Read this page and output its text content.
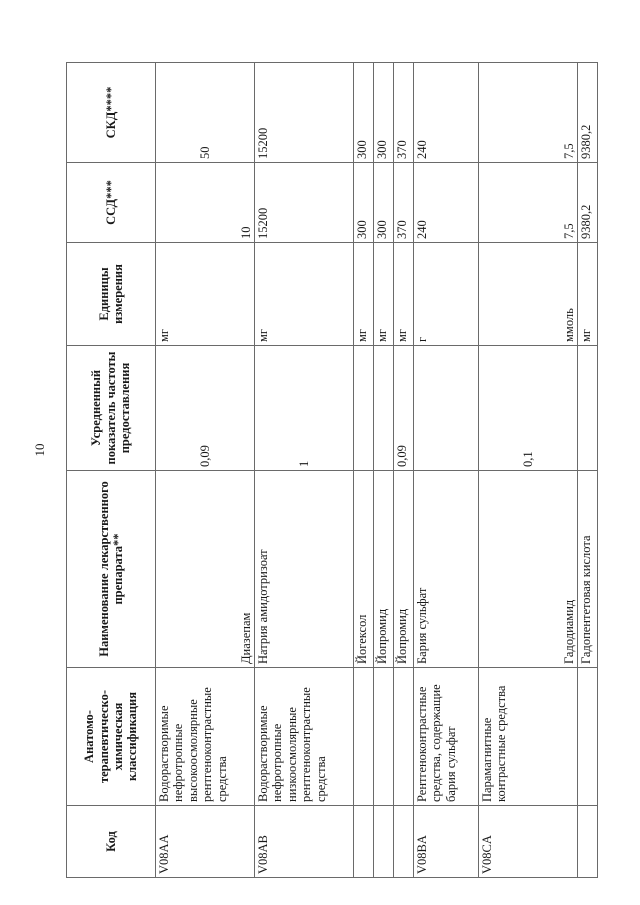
10
Код	Анатомо-терапевтическо-химическая классификация	Наименование лекарственного препарата**	Усредненный показатель частоты предоставления	Единицы измерения	ССД***	СКД****
V08AA	Водорастворимые нефротропные высокоосмолярные рентгеноконтрастные средства	Диазепам	0,09	мг	10	50
V08AB	Водорастворимые нефротропные низкоосмолярные рентгеноконтрастные средства	Натрия амидотризоат	1	мг	15200	15200
		Йогексол		мг	300	300
		Йопромид		мг	300	300
		Йопромид	0,09	мг	370	370
V08BA	Рентгеноконтрастные средства, содержащие бария сульфат	Бария сульфат		г	240	240
V08CA	Парамагнитные контрастные средства	Гадодиамид	0,1	ммоль	7,5	7,5
		Гадопентетовая кислота		мг	9380,2	9380,2
